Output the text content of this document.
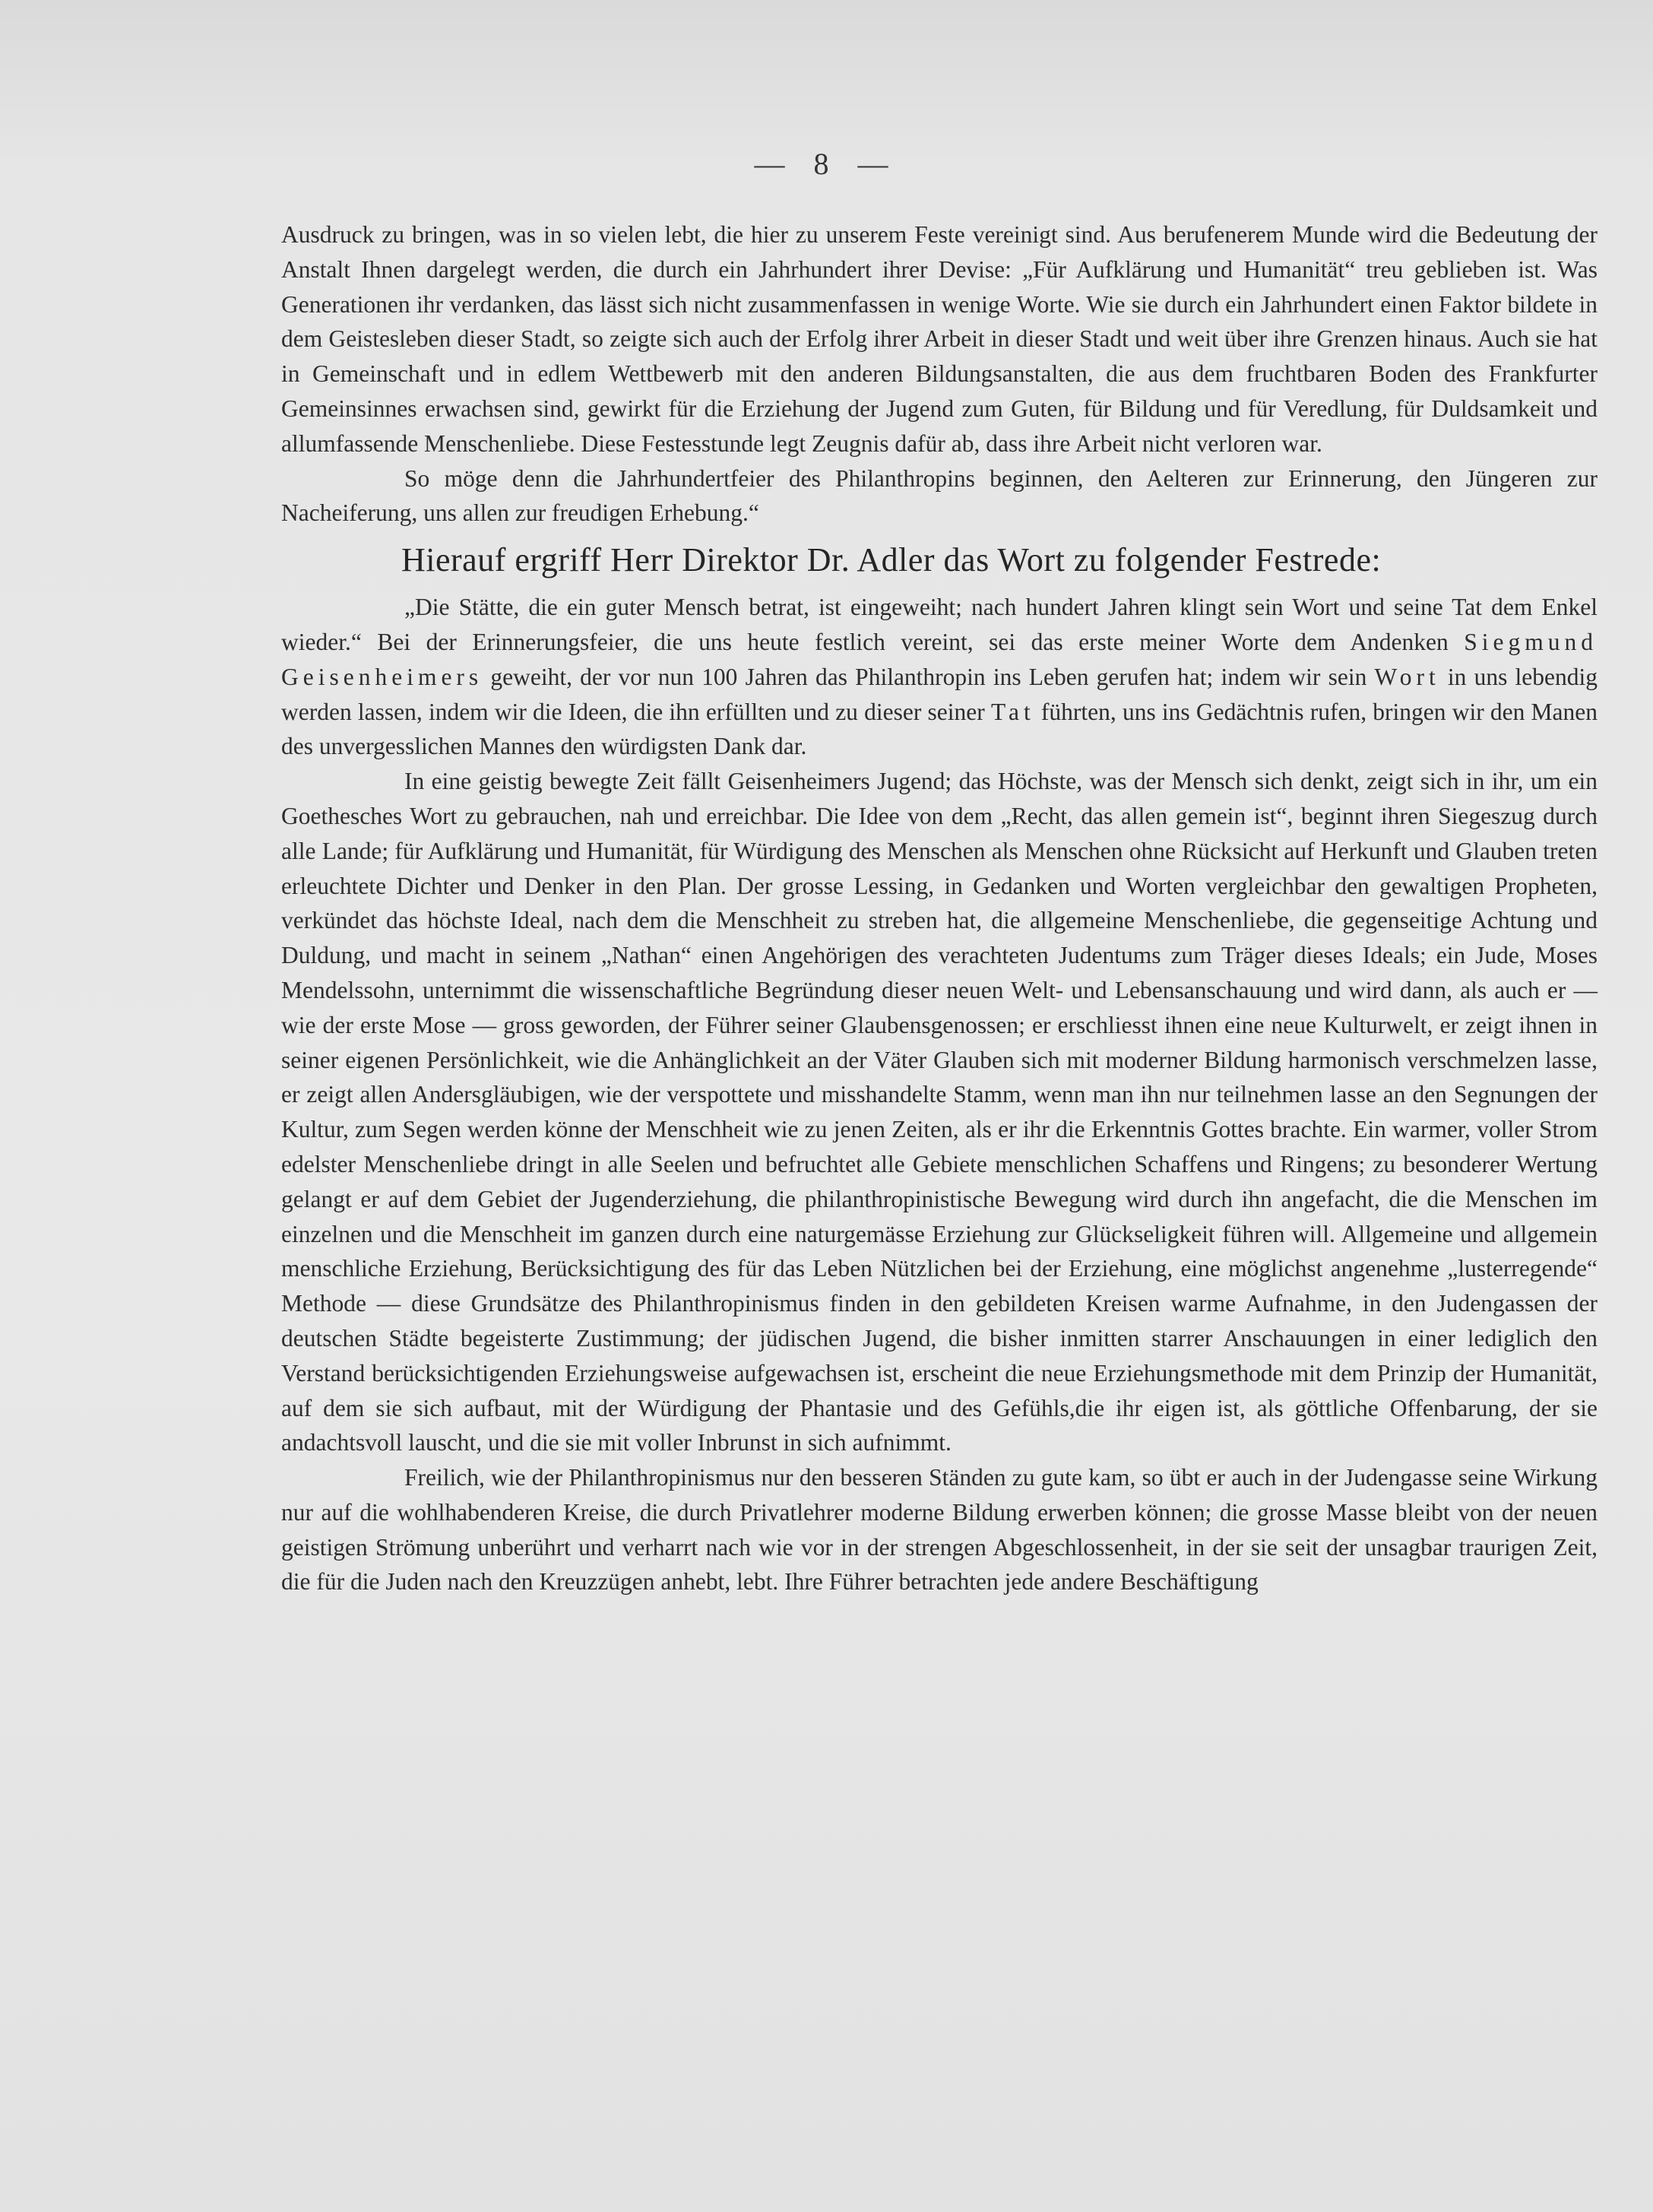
— 8 —

Ausdruck zu bringen, was in so vielen lebt, die hier zu unserem Feste vereinigt sind. Aus berufenerem Munde wird die Bedeutung der Anstalt Ihnen dargelegt werden, die durch ein Jahrhundert ihrer Devise: „Für Aufklärung und Humanität“ treu geblieben ist. Was Generationen ihr verdanken, das lässt sich nicht zusammenfassen in wenige Worte. Wie sie durch ein Jahrhundert einen Faktor bildete in dem Geistesleben dieser Stadt, so zeigte sich auch der Erfolg ihrer Arbeit in dieser Stadt und weit über ihre Grenzen hinaus. Auch sie hat in Gemeinschaft und in edlem Wettbewerb mit den anderen Bildungsanstalten, die aus dem fruchtbaren Boden des Frankfurter Gemeinsinnes erwachsen sind, gewirkt für die Erziehung der Jugend zum Guten, für Bildung und für Veredlung, für Duldsamkeit und allumfassende Menschenliebe. Diese Festesstunde legt Zeugnis dafür ab, dass ihre Arbeit nicht verloren war.

So möge denn die Jahrhundertfeier des Philanthropins beginnen, den Aelteren zur Erinnerung, den Jüngeren zur Nacheiferung, uns allen zur freudigen Erhebung.“

Hierauf ergriff Herr Direktor Dr. Adler das Wort zu folgender Festrede:

„Die Stätte, die ein guter Mensch betrat, ist eingeweiht; nach hundert Jahren klingt sein Wort und seine Tat dem Enkel wieder.“ Bei der Erinnerungsfeier, die uns heute festlich vereint, sei das erste meiner Worte dem Andenken Siegmund Geisenheimers geweiht, der vor nun 100 Jahren das Philanthropin ins Leben gerufen hat; indem wir sein Wort in uns lebendig werden lassen, indem wir die Ideen, die ihn erfüllten und zu dieser seiner Tat führten, uns ins Gedächtnis rufen, bringen wir den Manen des unvergesslichen Mannes den würdigsten Dank dar.

In eine geistig bewegte Zeit fällt Geisenheimers Jugend; das Höchste, was der Mensch sich denkt, zeigt sich in ihr, um ein Goethesches Wort zu gebrauchen, nah und erreichbar. Die Idee von dem „Recht, das allen gemein ist“, beginnt ihren Siegeszug durch alle Lande; für Aufklärung und Humanität, für Würdigung des Menschen als Menschen ohne Rücksicht auf Herkunft und Glauben treten erleuchtete Dichter und Denker in den Plan. Der grosse Lessing, in Gedanken und Worten vergleichbar den gewaltigen Propheten, verkündet das höchste Ideal, nach dem die Menschheit zu streben hat, die allgemeine Menschenliebe, die gegenseitige Achtung und Duldung, und macht in seinem „Nathan“ einen Angehörigen des verachteten Judentums zum Träger dieses Ideals; ein Jude, Moses Mendelssohn, unternimmt die wissenschaftliche Begründung dieser neuen Welt- und Lebensanschauung und wird dann, als auch er — wie der erste Mose — gross geworden, der Führer seiner Glaubensgenossen; er erschliesst ihnen eine neue Kulturwelt, er zeigt ihnen in seiner eigenen Persönlichkeit, wie die Anhänglichkeit an der Väter Glauben sich mit moderner Bildung harmonisch verschmelzen lasse, er zeigt allen Andersgläubigen, wie der verspottete und misshandelte Stamm, wenn man ihn nur teilnehmen lasse an den Segnungen der Kultur, zum Segen werden könne der Menschheit wie zu jenen Zeiten, als er ihr die Erkenntnis Gottes brachte. Ein warmer, voller Strom edelster Menschenliebe dringt in alle Seelen und befruchtet alle Gebiete menschlichen Schaffens und Ringens; zu besonderer Wertung gelangt er auf dem Gebiet der Jugenderziehung, die philanthropinistische Bewegung wird durch ihn angefacht, die die Menschen im einzelnen und die Menschheit im ganzen durch eine naturgemässe Erziehung zur Glückseligkeit führen will. Allgemeine und allgemein menschliche Erziehung, Berücksichtigung des für das Leben Nützlichen bei der Erziehung, eine möglichst angenehme „lusterregende“ Methode — diese Grundsätze des Philanthropinismus finden in den gebildeten Kreisen warme Aufnahme, in den Judengassen der deutschen Städte begeisterte Zustimmung; der jüdischen Jugend, die bisher inmitten starrer Anschauungen in einer lediglich den Verstand berücksichtigenden Erziehungsweise aufgewachsen ist, erscheint die neue Erziehungsmethode mit dem Prinzip der Humanität, auf dem sie sich aufbaut, mit der Würdigung der Phantasie und des Gefühls,die ihr eigen ist, als göttliche Offenbarung, der sie andachtsvoll lauscht, und die sie mit voller Inbrunst in sich aufnimmt.

Freilich, wie der Philanthropinismus nur den besseren Ständen zu gute kam, so übt er auch in der Judengasse seine Wirkung nur auf die wohlhabenderen Kreise, die durch Privatlehrer moderne Bildung erwerben können; die grosse Masse bleibt von der neuen geistigen Strömung unberührt und verharrt nach wie vor in der strengen Abgeschlossenheit, in der sie seit der unsagbar traurigen Zeit, die für die Juden nach den Kreuzzügen anhebt, lebt. Ihre Führer betrachten jede andere Beschäftigung
